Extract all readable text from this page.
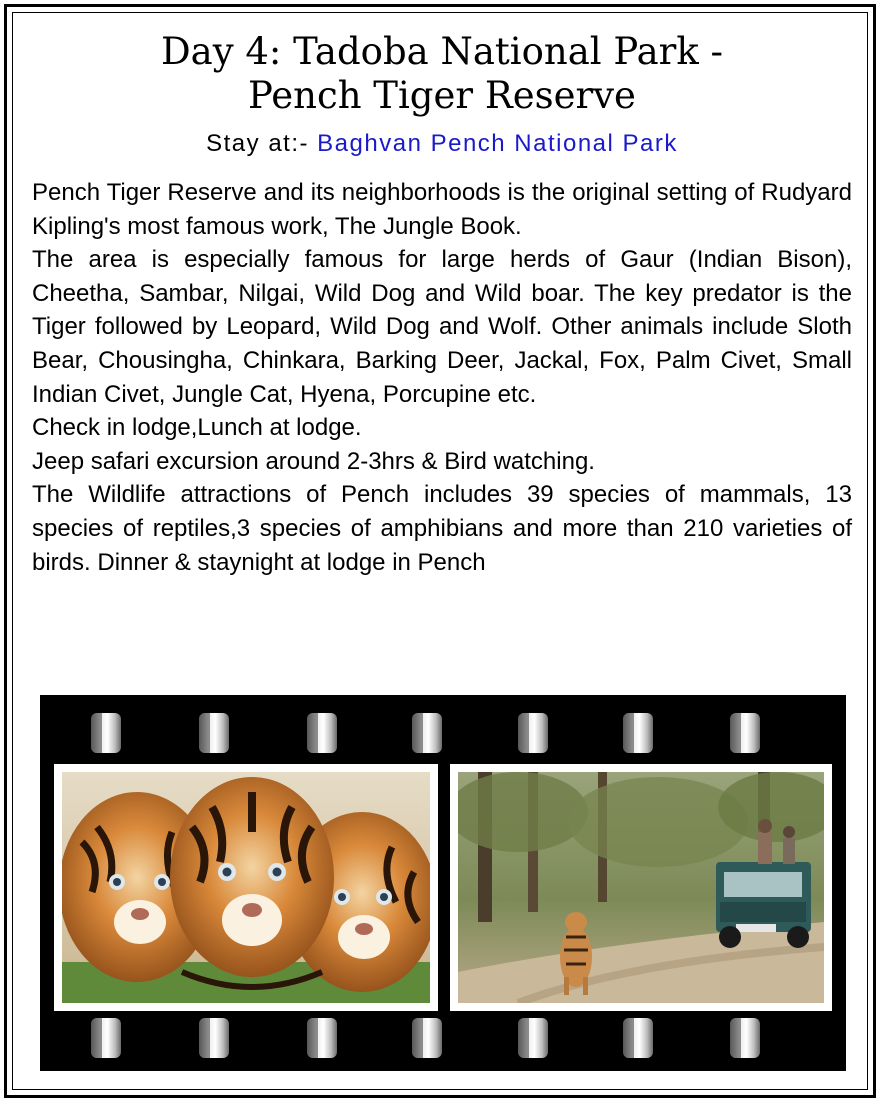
Day 4: Tadoba National Park -
Pench Tiger Reserve
Stay at:- Baghvan Pench National Park

Pench Tiger Reserve and its neighborhoods is the original setting of Rudyard Kipling's most famous work, The Jungle Book.

The area is especially famous for large herds of Gaur (Indian Bison), Cheetha, Sambar, Nilgai, Wild Dog and Wild boar. The key predator is the Tiger followed by Leopard, Wild Dog and Wolf. Other animals include Sloth Bear, Chousingha, Chinkara, Barking Deer, Jackal, Fox, Palm Civet, Small Indian Civet, Jungle Cat, Hyena, Porcupine etc.

Check in lodge,Lunch at lodge.

Jeep safari excursion around 2-3hrs & Bird watching.

The Wildlife attractions of Pench includes 39 species of mammals, 13 species of reptiles,3 species of amphibians and more than 210 varieties of birds. Dinner & staynight at lodge in Pench
